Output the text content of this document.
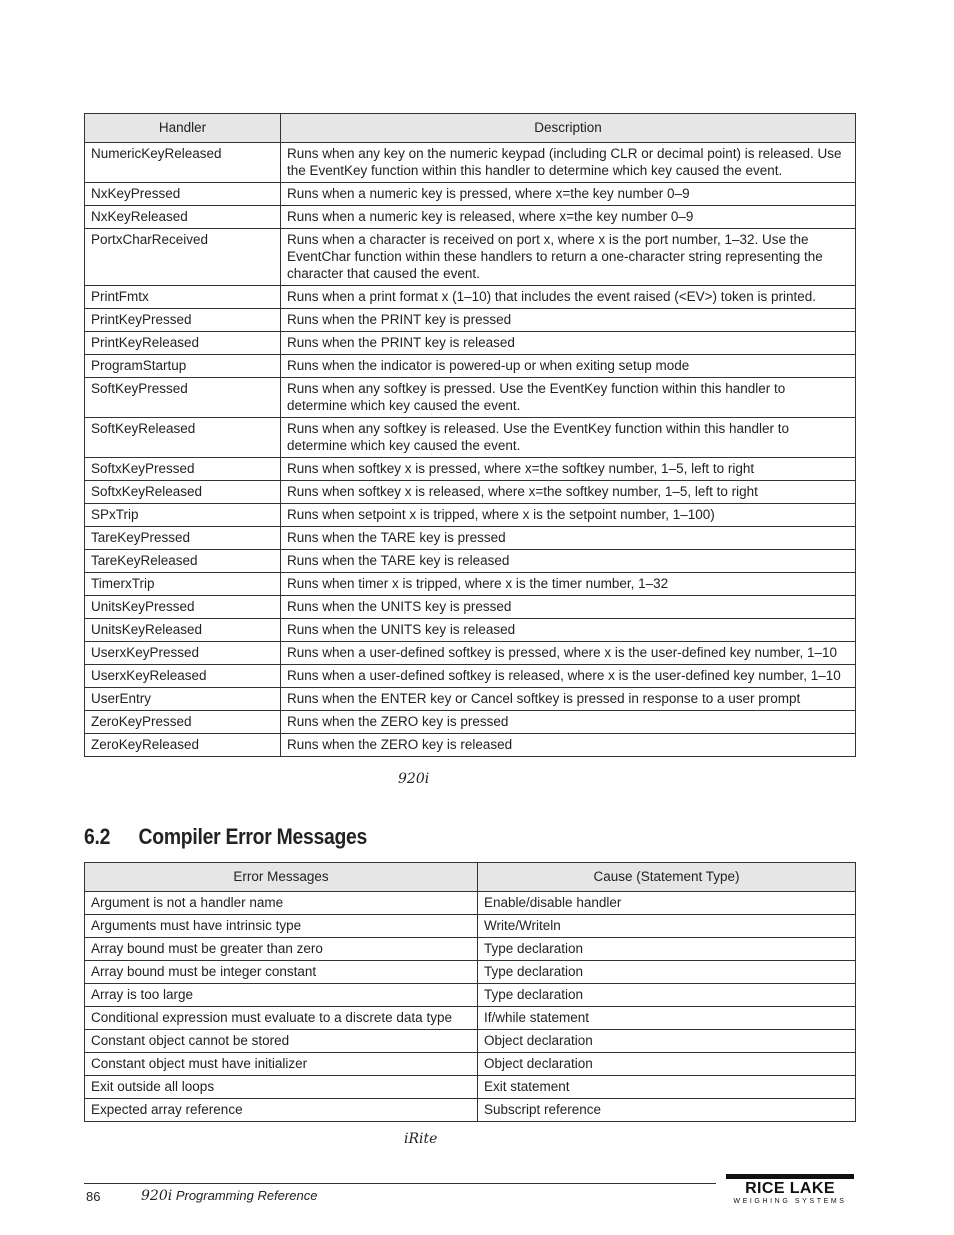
Handler	Description
NumericKeyReleased	Runs when any key on the numeric keypad (including CLR or decimal point) is released. Use the EventKey function within this handler to determine which key caused the event.
NxKeyPressed	Runs when a numeric key is pressed, where x=the key number 0–9
NxKeyReleased	Runs when a numeric key is released, where x=the key number 0–9
PortxCharReceived	Runs when a character is received on port x, where x is the port number, 1–32. Use the EventChar function within these handlers to return a one-character string representing the character that caused the event.
PrintFmtx	Runs when a print format x (1–10) that includes the event raised (<EV>) token is printed.
PrintKeyPressed	Runs when the PRINT key is pressed
PrintKeyReleased	Runs when the PRINT key is released
ProgramStartup	Runs when the indicator is powered-up or when exiting setup mode
SoftKeyPressed	Runs when any softkey is pressed. Use the EventKey function within this handler to determine which key caused the event.
SoftKeyReleased	Runs when any softkey is released. Use the EventKey function within this handler to determine which key caused the event.
SoftxKeyPressed	Runs when softkey x is pressed, where x=the softkey number, 1–5, left to right
SoftxKeyReleased	Runs when softkey x is released, where x=the softkey number, 1–5, left to right
SPxTrip	Runs when setpoint x is tripped, where x is the setpoint number, 1–100)
TareKeyPressed	Runs when the TARE key is pressed
TareKeyReleased	Runs when the TARE key is released
TimerxTrip	Runs when timer x is tripped, where x is the timer number, 1–32
UnitsKeyPressed	Runs when the UNITS key is pressed
UnitsKeyReleased	Runs when the UNITS key is released
UserxKeyPressed	Runs when a user-defined softkey is pressed, where x is the user-defined key number, 1–10
UserxKeyReleased	Runs when a user-defined softkey is released, where x is the user-defined key number, 1–10
UserEntry	Runs when the ENTER key or Cancel softkey is pressed in response to a user prompt
ZeroKeyPressed	Runs when the ZERO key is pressed
ZeroKeyReleased	Runs when the ZERO key is released
920i
6.2 Compiler Error Messages
Error Messages	Cause (Statement Type)
Argument is not a handler name	Enable/disable handler
Arguments must have intrinsic type	Write/Writeln
Array bound must be greater than zero	Type declaration
Array bound must be integer constant	Type declaration
Array is too large	Type declaration
Conditional expression must evaluate to a discrete data type	If/while statement
Constant object cannot be stored	Object declaration
Constant object must have initializer	Object declaration
Exit outside all loops	Exit statement
Expected array reference	Subscript reference
iRite
86	920i Programming Reference	RICE LAKE
WEIGHING SYSTEMS
